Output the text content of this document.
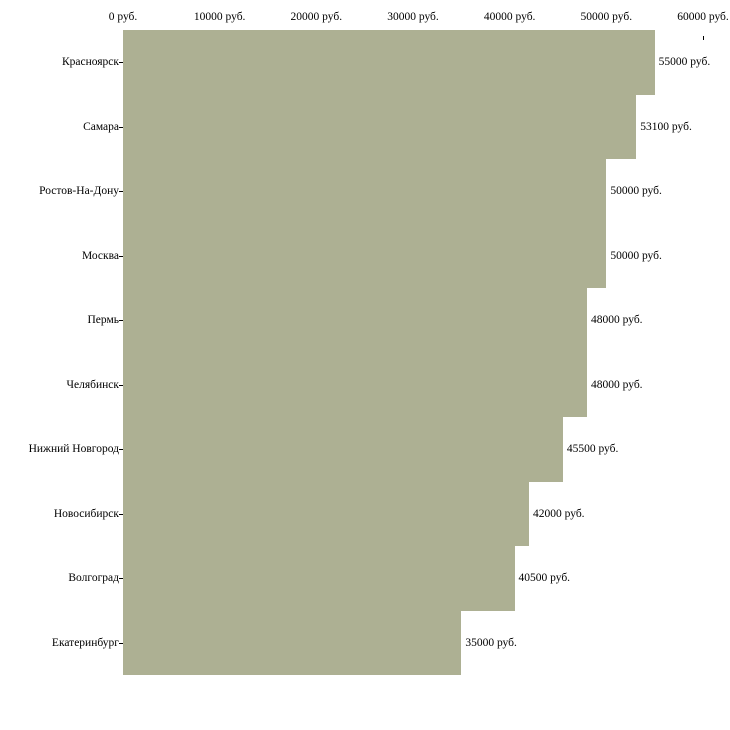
0 руб.	10000 руб.	20000 руб.	30000 руб.	40000 руб.	50000 руб.	60000 руб.
Красноярск
Самара
Ростов-На-Дону
Москва
Пермь
Челябинск
Нижний Новгород
Новосибирск
Волгоград
Екатеринбург
55000 руб.
53100 руб.
50000 руб.
50000 руб.
48000 руб.
48000 руб.
45500 руб.
42000 руб.
40500 руб.
35000 руб.
